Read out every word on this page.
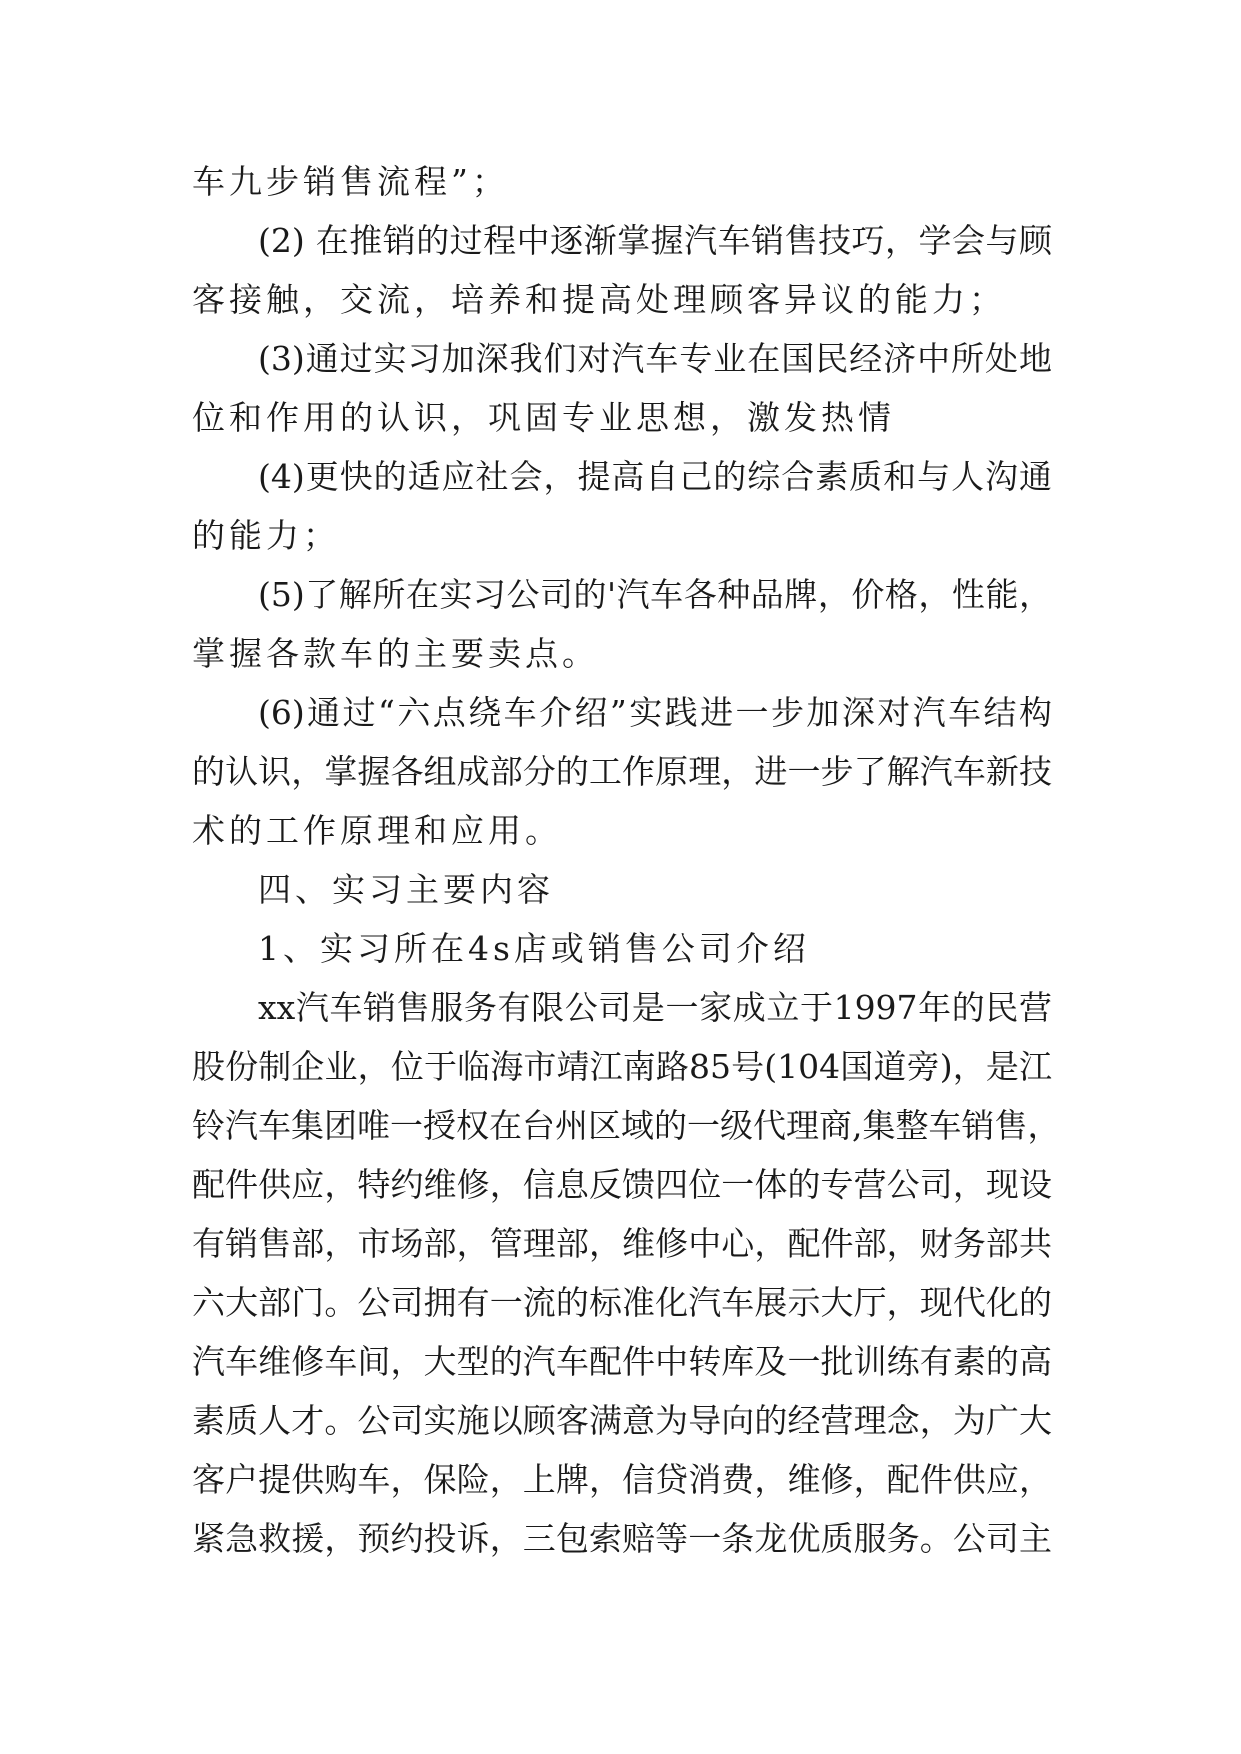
车九步销售流程”；
(2) 在推销的过程中逐渐掌握汽车销售技巧，学会与顾
客接触，交流，培养和提高处理顾客异议的能力；
(3)通过实习加深我们对汽车专业在国民经济中所处地
位和作用的认识，巩固专业思想，激发热情
(4)更快的适应社会，提高自己的综合素质和与人沟通
的能力；
(5)了解所在实习公司的'汽车各种品牌，价格，性能，
掌握各款车的主要卖点。
(6)通过“六点绕车介绍”实践进一步加深对汽车结构
的认识，掌握各组成部分的工作原理，进一步了解汽车新技
术的工作原理和应用。
四、实习主要内容
1、实习所在4s店或销售公司介绍
xx汽车销售服务有限公司是一家成立于1997年的民营
股份制企业，位于临海市靖江南路85号(104国道旁)，是江
铃汽车集团唯一授权在台州区域的一级代理商,集整车销售，
配件供应，特约维修，信息反馈四位一体的专营公司，现设
有销售部，市场部，管理部，维修中心，配件部，财务部共
六大部门。公司拥有一流的标准化汽车展示大厅，现代化的
汽车维修车间，大型的汽车配件中转库及一批训练有素的高
素质人才。公司实施以顾客满意为导向的经营理念，为广大
客户提供购车，保险，上牌，信贷消费，维修，配件供应，
紧急救援，预约投诉，三包索赔等一条龙优质服务。公司主
